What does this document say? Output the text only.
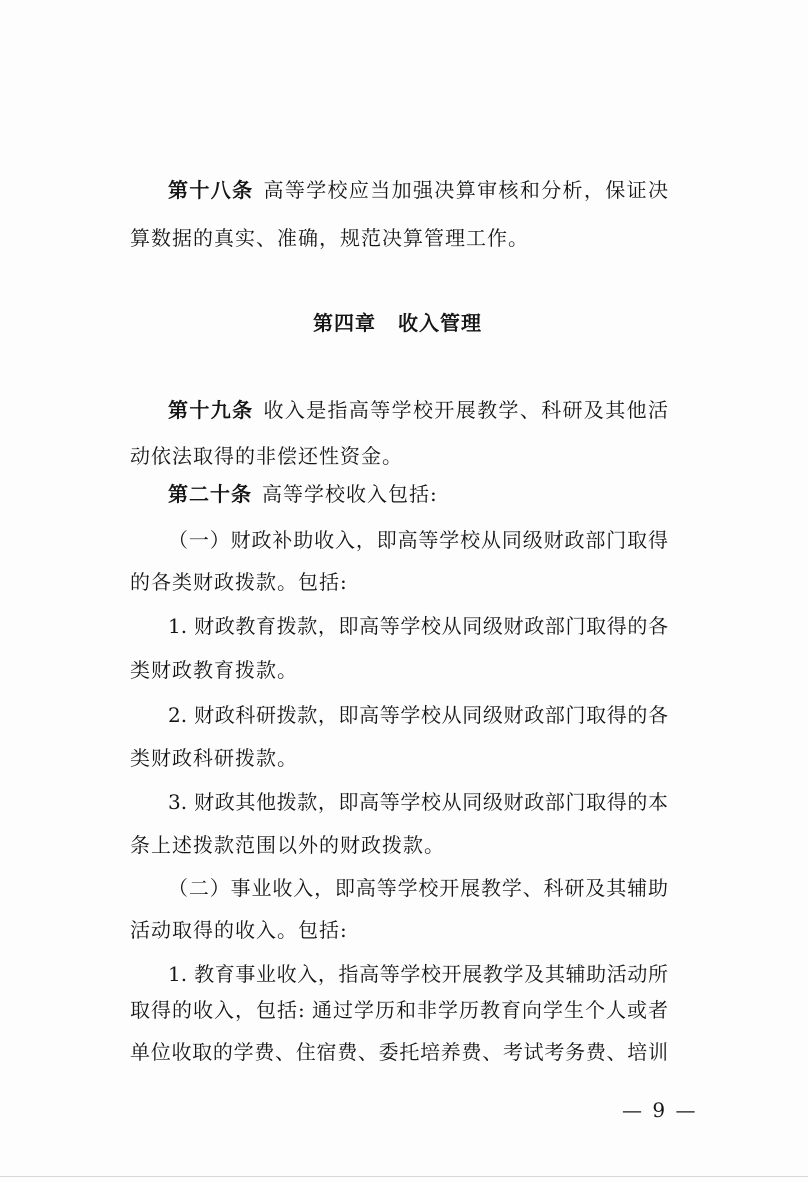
第十八条 高等学校应当加强决算审核和分析，保证决
算数据的真实、准确，规范决算管理工作。
第四章 收入管理
第十九条 收入是指高等学校开展教学、科研及其他活
动依法取得的非偿还性资金。
第二十条 高等学校收入包括:
（一）财政补助收入，即高等学校从同级财政部门取得
的各类财政拨款。包括:
1. 财政教育拨款，即高等学校从同级财政部门取得的各
类财政教育拨款。
2. 财政科研拨款，即高等学校从同级财政部门取得的各
类财政科研拨款。
3. 财政其他拨款，即高等学校从同级财政部门取得的本
条上述拨款范围以外的财政拨款。
（二）事业收入，即高等学校开展教学、科研及其辅助
活动取得的收入。包括:
1. 教育事业收入，指高等学校开展教学及其辅助活动所
取得的收入，包括: 通过学历和非学历教育向学生个人或者
单位收取的学费、住宿费、委托培养费、考试考务费、培训
— 9 —
